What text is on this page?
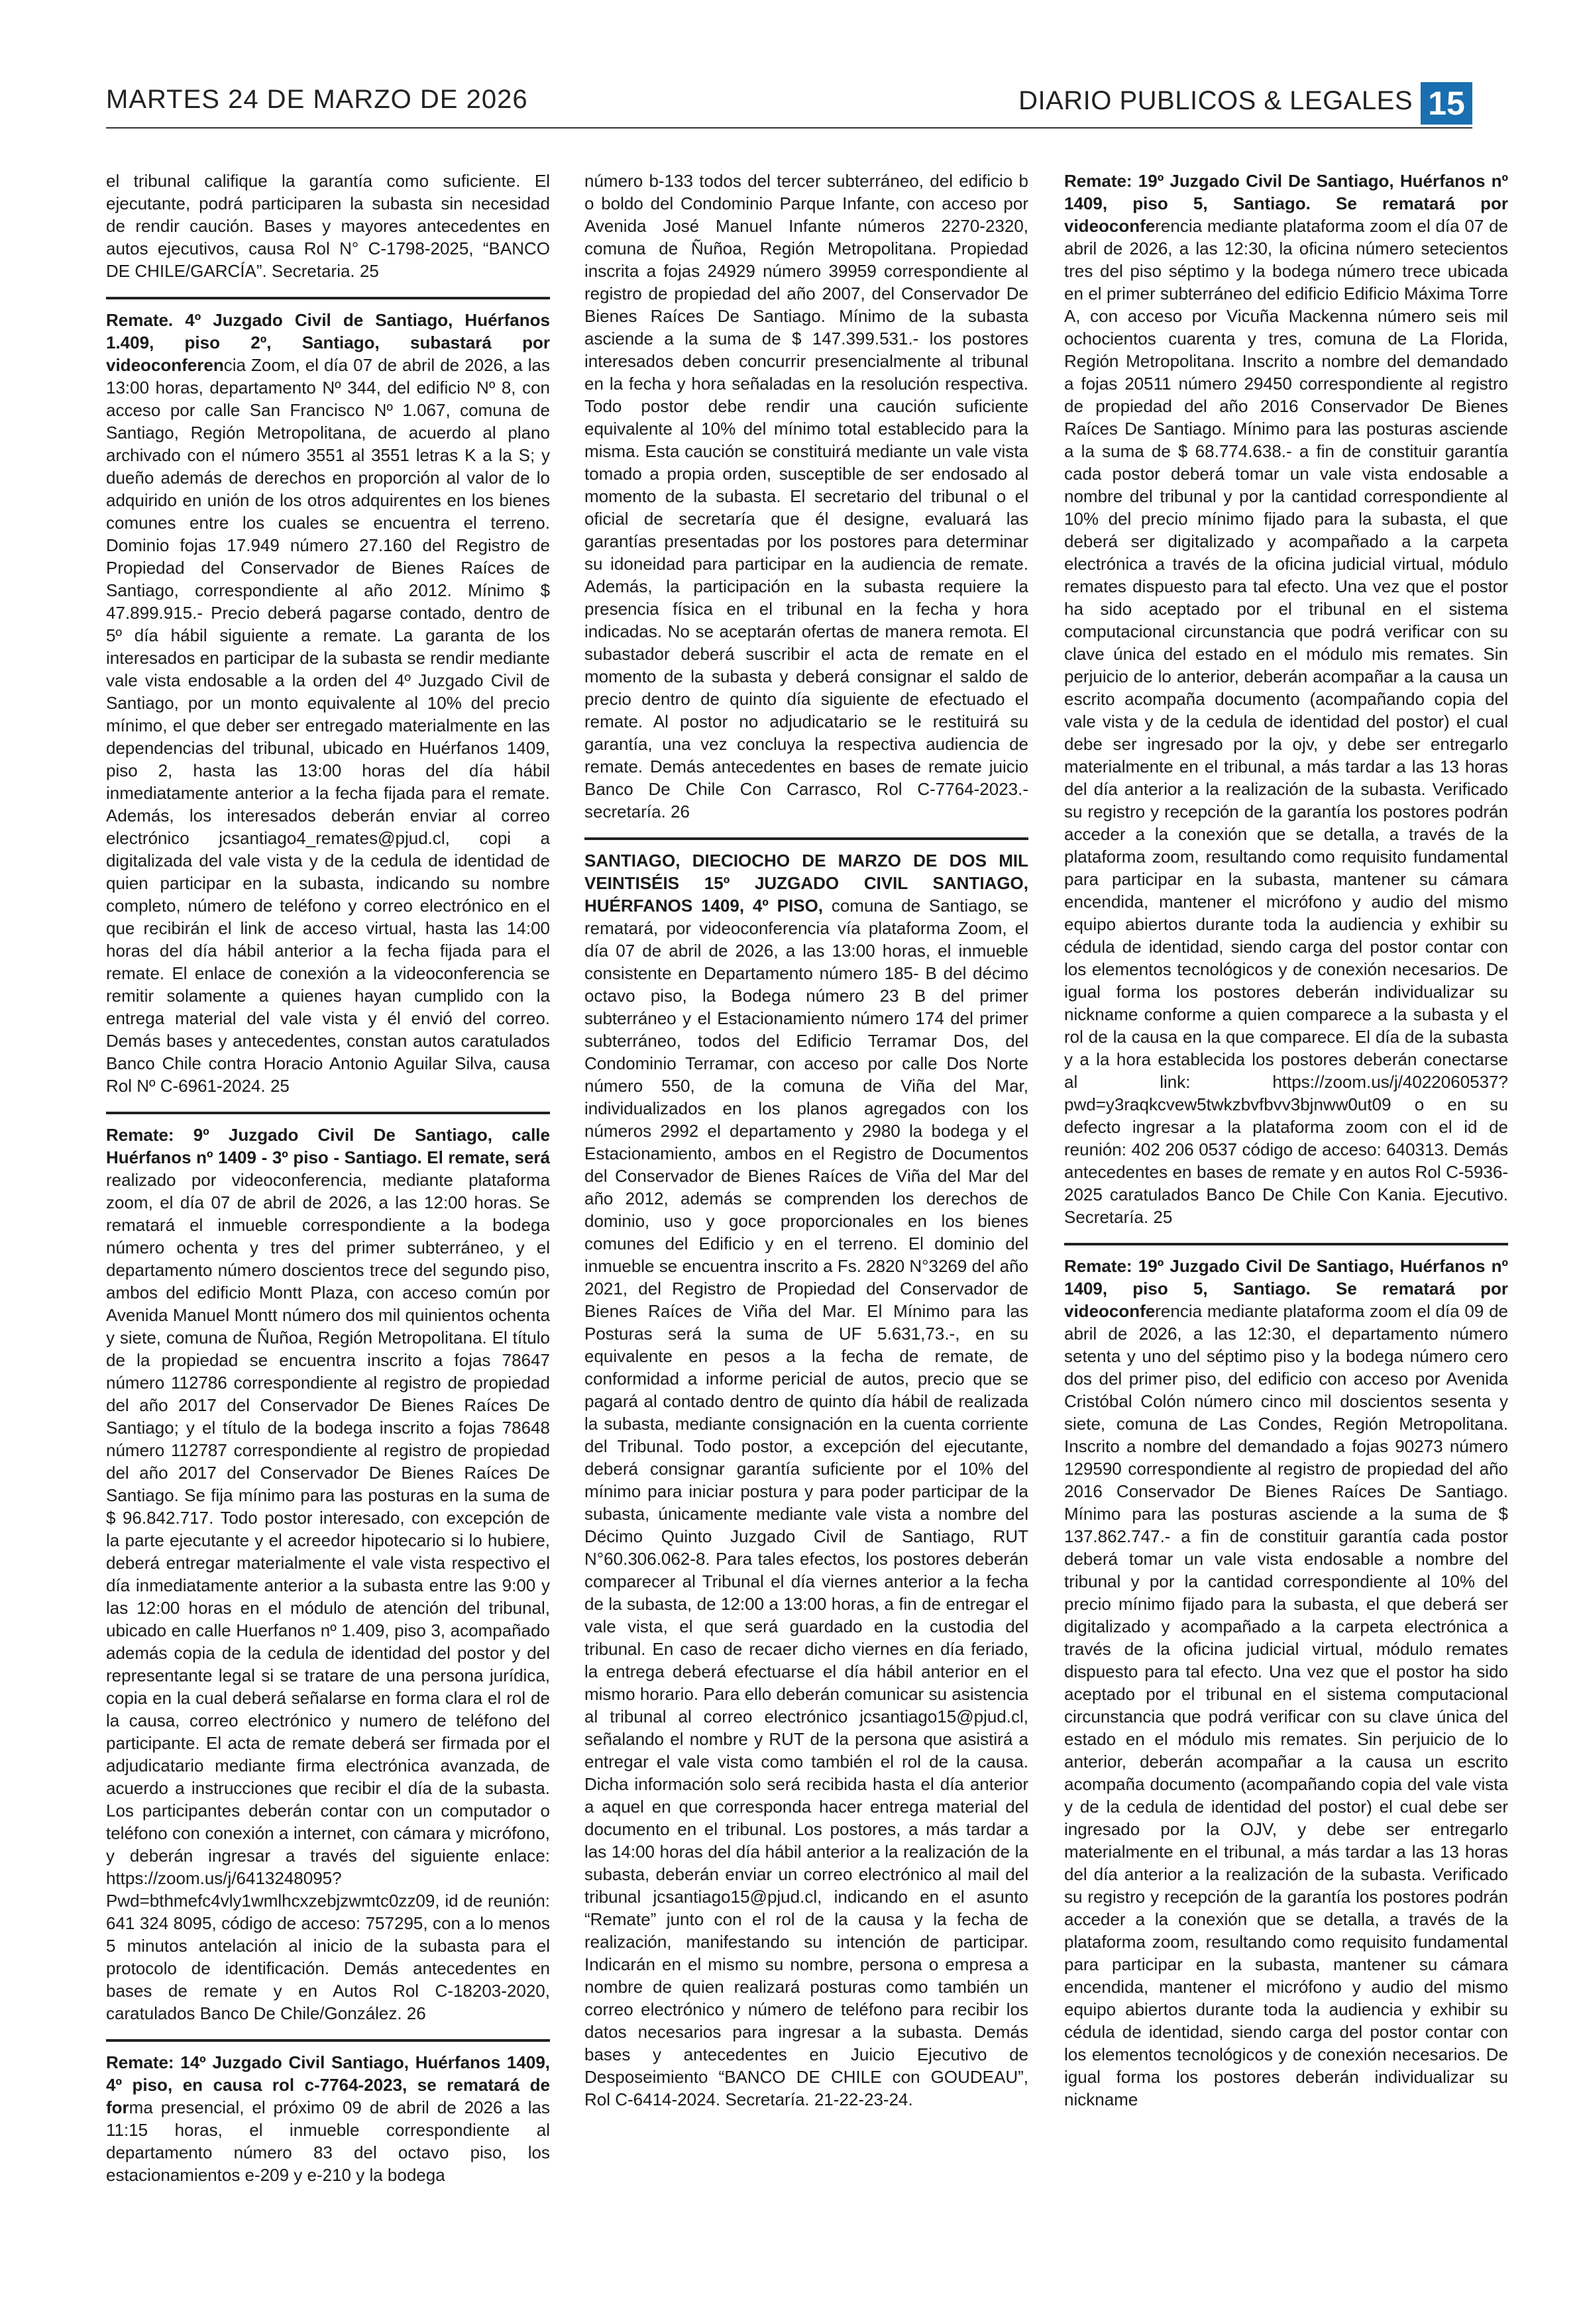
MARTES 24 DE MARZO DE 2026	DIARIO PUBLICOS & LEGALES 15

el tribunal califique la garantía como suficiente. El ejecutante, podrá participaren la subasta sin necesidad de rendir caución. Bases y mayores antecedentes en autos ejecutivos, causa Rol N° C-1798-2025, “BANCO DE CHILE/GARCÍA”. Secretaria. 25

Remate. 4º Juzgado Civil de Santiago, Huérfanos 1.409, piso 2º, Santiago, subastará por videoconferencia Zoom, el día 07 de abril de 2026, a las 13:00 horas, departamento Nº 344, del edificio Nº 8, con acceso por calle San Francisco Nº 1.067, comuna de Santiago, Región Metropolitana, de acuerdo al plano archivado con el número 3551 al 3551 letras K a la S; y dueño además de derechos en proporción al valor de lo adquirido en unión de los otros adquirentes en los bienes comunes entre los cuales se encuentra el terreno. Dominio fojas 17.949 número 27.160 del Registro de Propiedad del Conservador de Bienes Raíces de Santiago, correspondiente al año 2012. Mínimo $ 47.899.915.- Precio deberá pagarse contado, dentro de 5º día hábil siguiente a remate. La garanta de los interesados en participar de la subasta se rendir mediante vale vista endosable a la orden del 4º Juzgado Civil de Santiago, por un monto equivalente al 10% del precio mínimo, el que deber ser entregado materialmente en las dependencias del tribunal, ubicado en Huérfanos 1409, piso 2, hasta las 13:00 horas del día hábil inmediatamente anterior a la fecha fijada para el remate. Además, los interesados deberán enviar al correo electrónico jcsantiago4_remates@pjud.cl, copi a digitalizada del vale vista y de la cedula de identidad de quien participar en la subasta, indicando su nombre completo, número de teléfono y correo electrónico en el que recibirán el link de acceso virtual, hasta las 14:00 horas del día hábil anterior a la fecha fijada para el remate. El enlace de conexión a la videoconferencia se remitir solamente a quienes hayan cumplido con la entrega material del vale vista y él envió del correo. Demás bases y antecedentes, constan autos caratulados Banco Chile contra Horacio Antonio Aguilar Silva, causa Rol Nº C-6961-2024. 25

Remate: 9º Juzgado Civil De Santiago, calle Huérfanos nº 1409 - 3º piso - Santiago. El remate, será realizado por videoconferencia, mediante plataforma zoom, el día 07 de abril de 2026, a las 12:00 horas. Se rematará el inmueble correspondiente a la bodega número ochenta y tres del primer subterráneo, y el departamento número doscientos trece del segundo piso, ambos del edificio Montt Plaza, con acceso común por Avenida Manuel Montt número dos mil quinientos ochenta y siete, comuna de Ñuñoa, Región Metropolitana. El título de la propiedad se encuentra inscrito a fojas 78647 número 112786 correspondiente al registro de propiedad del año 2017 del Conservador De Bienes Raíces De Santiago; y el título de la bodega inscrito a fojas 78648 número 112787 correspondiente al registro de propiedad del año 2017 del Conservador De Bienes Raíces De Santiago. Se fija mínimo para las posturas en la suma de $ 96.842.717. Todo postor interesado, con excepción de la parte ejecutante y el acreedor hipotecario si lo hubiere, deberá entregar materialmente el vale vista respectivo el día inmediatamente anterior a la subasta entre las 9:00 y las 12:00 horas en el módulo de atención del tribunal, ubicado en calle Huerfanos nº 1.409, piso 3, acompañado además copia de la cedula de identidad del postor y del representante legal si se tratare de una persona jurídica, copia en la cual deberá señalarse en forma clara el rol de la causa, correo electrónico y numero de teléfono del participante. El acta de remate deberá ser firmada por el adjudicatario mediante firma electrónica avanzada, de acuerdo a instrucciones que recibir el día de la subasta. Los participantes deberán contar con un computador o teléfono con conexión a internet, con cámara y micrófono, y deberán ingresar a través del siguiente enlace: https://zoom.us/j/6413248095?Pwd=bthmefc4vly1wmlhcxzebjzwmtc0zz09, id de reunión: 641 324 8095, código de acceso: 757295, con a lo menos 5 minutos antelación al inicio de la subasta para el protocolo de identificación. Demás antecedentes en bases de remate y en Autos Rol C-18203-2020, caratulados Banco De Chile/González. 26

Remate: 14º Juzgado Civil Santiago, Huérfanos 1409, 4º piso, en causa rol c-7764-2023, se rematará de forma presencial, el próximo 09 de abril de 2026 a las 11:15 horas, el inmueble correspondiente al departamento número 83 del octavo piso, los estacionamientos e-209 y e-210 y la bodega

número b-133 todos del tercer subterráneo, del edificio b o boldo del Condominio Parque Infante, con acceso por Avenida José Manuel Infante números 2270-2320, comuna de Ñuñoa, Región Metropolitana. Propiedad inscrita a fojas 24929 número 39959 correspondiente al registro de propiedad del año 2007, del Conservador De Bienes Raíces De Santiago. Mínimo de la subasta asciende a la suma de $ 147.399.531.- los postores interesados deben concurrir presencialmente al tribunal en la fecha y hora señaladas en la resolución respectiva. Todo postor debe rendir una caución suficiente equivalente al 10% del mínimo total establecido para la misma. Esta caución se constituirá mediante un vale vista tomado a propia orden, susceptible de ser endosado al momento de la subasta. El secretario del tribunal o el oficial de secretaría que él designe, evaluará las garantías presentadas por los postores para determinar su idoneidad para participar en la audiencia de remate. Además, la participación en la subasta requiere la presencia física en el tribunal en la fecha y hora indicadas. No se aceptarán ofertas de manera remota. El subastador deberá suscribir el acta de remate en el momento de la subasta y deberá consignar el saldo de precio dentro de quinto día siguiente de efectuado el remate. Al postor no adjudicatario se le restituirá su garantía, una vez concluya la respectiva audiencia de remate. Demás antecedentes en bases de remate juicio Banco De Chile Con Carrasco, Rol C-7764-2023.- secretaría. 26

SANTIAGO, DIECIOCHO DE MARZO DE DOS MIL VEINTISÉIS 15º JUZGADO CIVIL SANTIAGO, HUÉRFANOS 1409, 4º PISO, comuna de Santiago, se rematará, por videoconferencia vía plataforma Zoom, el día 07 de abril de 2026, a las 13:00 horas, el inmueble consistente en Departamento número 185- B del décimo octavo piso, la Bodega número 23 B del primer subterráneo y el Estacionamiento número 174 del primer subterráneo, todos del Edificio Terramar Dos, del Condominio Terramar, con acceso por calle Dos Norte número 550, de la comuna de Viña del Mar, individualizados en los planos agregados con los números 2992 el departamento y 2980 la bodega y el Estacionamiento, ambos en el Registro de Documentos del Conservador de Bienes Raíces de Viña del Mar del año 2012, además se comprenden los derechos de dominio, uso y goce proporcionales en los bienes comunes del Edificio y en el terreno. El dominio del inmueble se encuentra inscrito a Fs. 2820 N°3269 del año 2021, del Registro de Propiedad del Conservador de Bienes Raíces de Viña del Mar. El Mínimo para las Posturas será la suma de UF 5.631,73.-, en su equivalente en pesos a la fecha de remate, de conformidad a informe pericial de autos, precio que se pagará al contado dentro de quinto día hábil de realizada la subasta, mediante consignación en la cuenta corriente del Tribunal. Todo postor, a excepción del ejecutante, deberá consignar garantía suficiente por el 10% del mínimo para iniciar postura y para poder participar de la subasta, únicamente mediante vale vista a nombre del Décimo Quinto Juzgado Civil de Santiago, RUT N°60.306.062-8. Para tales efectos, los postores deberán comparecer al Tribunal el día viernes anterior a la fecha de la subasta, de 12:00 a 13:00 horas, a fin de entregar el vale vista, el que será guardado en la custodia del tribunal. En caso de recaer dicho viernes en día feriado, la entrega deberá efectuarse el día hábil anterior en el mismo horario. Para ello deberán comunicar su asistencia al tribunal al correo electrónico jcsantiago15@pjud.cl, señalando el nombre y RUT de la persona que asistirá a entregar el vale vista como también el rol de la causa. Dicha información solo será recibida hasta el día anterior a aquel en que corresponda hacer entrega material del documento en el tribunal. Los postores, a más tardar a las 14:00 horas del día hábil anterior a la realización de la subasta, deberán enviar un correo electrónico al mail del tribunal jcsantiago15@pjud.cl, indicando en el asunto “Remate” junto con el rol de la causa y la fecha de realización, manifestando su intención de participar. Indicarán en el mismo su nombre, persona o empresa a nombre de quien realizará posturas como también un correo electrónico y número de teléfono para recibir los datos necesarios para ingresar a la subasta. Demás bases y antecedentes en Juicio Ejecutivo de Desposeimiento “BANCO DE CHILE con GOUDEAU”, Rol C-6414-2024. Secretaría. 21-22-23-24.

Remate: 19º Juzgado Civil De Santiago, Huérfanos nº 1409, piso 5, Santiago. Se rematará por videoconferencia mediante plataforma zoom el día 07 de abril de 2026, a las 12:30, la oficina número setecientos tres del piso séptimo y la bodega número trece ubicada en el primer subterráneo del edificio Edificio Máxima Torre A, con acceso por Vicuña Mackenna número seis mil ochocientos cuarenta y tres, comuna de La Florida, Región Metropolitana. Inscrito a nombre del demandado a fojas 20511 número 29450 correspondiente al registro de propiedad del año 2016 Conservador De Bienes Raíces De Santiago. Mínimo para las posturas asciende a la suma de $ 68.774.638.- a fin de constituir garantía cada postor deberá tomar un vale vista endosable a nombre del tribunal y por la cantidad correspondiente al 10% del precio mínimo fijado para la subasta, el que deberá ser digitalizado y acompañado a la carpeta electrónica a través de la oficina judicial virtual, módulo remates dispuesto para tal efecto. Una vez que el postor ha sido aceptado por el tribunal en el sistema computacional circunstancia que podrá verificar con su clave única del estado en el módulo mis remates. Sin perjuicio de lo anterior, deberán acompañar a la causa un escrito acompaña documento (acompañando copia del vale vista y de la cedula de identidad del postor) el cual debe ser ingresado por la ojv, y debe ser entregarlo materialmente en el tribunal, a más tardar a las 13 horas del día anterior a la realización de la subasta. Verificado su registro y recepción de la garantía los postores podrán acceder a la conexión que se detalla, a través de la plataforma zoom, resultando como requisito fundamental para participar en la subasta, mantener su cámara encendida, mantener el micrófono y audio del mismo equipo abiertos durante toda la audiencia y exhibir su cédula de identidad, siendo carga del postor contar con los elementos tecnológicos y de conexión necesarios. De igual forma los postores deberán individualizar su nickname conforme a quien comparece a la subasta y el rol de la causa en la que comparece. El día de la subasta y a la hora establecida los postores deberán conectarse al link: https://zoom.us/j/4022060537?pwd=y3raqkcvew5twkzbvfbvv3bjnww0ut09 o en su defecto ingresar a la plataforma zoom con el id de reunión: 402 206 0537 código de acceso: 640313. Demás antecedentes en bases de remate y en autos Rol C-5936-2025 caratulados Banco De Chile Con Kania. Ejecutivo. Secretaría. 25

Remate: 19º Juzgado Civil De Santiago, Huérfanos nº 1409, piso 5, Santiago. Se rematará por videoconferencia mediante plataforma zoom el día 09 de abril de 2026, a las 12:30, el departamento número setenta y uno del séptimo piso y la bodega número cero dos del primer piso, del edificio con acceso por Avenida Cristóbal Colón número cinco mil doscientos sesenta y siete, comuna de Las Condes, Región Metropolitana. Inscrito a nombre del demandado a fojas 90273 número 129590 correspondiente al registro de propiedad del año 2016 Conservador De Bienes Raíces De Santiago. Mínimo para las posturas asciende a la suma de $ 137.862.747.- a fin de constituir garantía cada postor deberá tomar un vale vista endosable a nombre del tribunal y por la cantidad correspondiente al 10% del precio mínimo fijado para la subasta, el que deberá ser digitalizado y acompañado a la carpeta electrónica a través de la oficina judicial virtual, módulo remates dispuesto para tal efecto. Una vez que el postor ha sido aceptado por el tribunal en el sistema computacional circunstancia que podrá verificar con su clave única del estado en el módulo mis remates. Sin perjuicio de lo anterior, deberán acompañar a la causa un escrito acompaña documento (acompañando copia del vale vista y de la cedula de identidad del postor) el cual debe ser ingresado por la OJV, y debe ser entregarlo materialmente en el tribunal, a más tardar a las 13 horas del día anterior a la realización de la subasta. Verificado su registro y recepción de la garantía los postores podrán acceder a la conexión que se detalla, a través de la plataforma zoom, resultando como requisito fundamental para participar en la subasta, mantener su cámara encendida, mantener el micrófono y audio del mismo equipo abiertos durante toda la audiencia y exhibir su cédula de identidad, siendo carga del postor contar con los elementos tecnológicos y de conexión necesarios. De igual forma los postores deberán individualizar su nickname
